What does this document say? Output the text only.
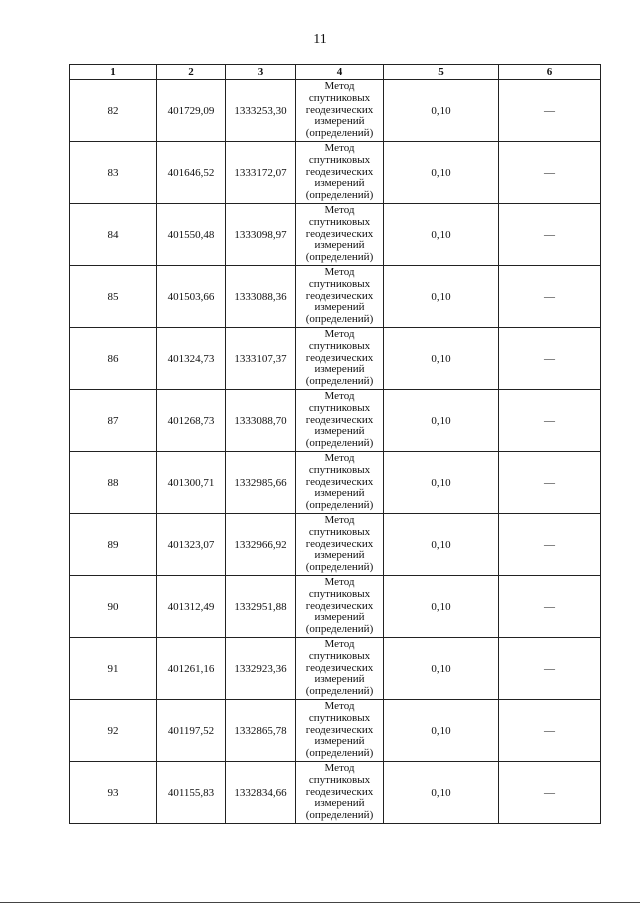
11
1	2	3	4	5	6
82	401729,09	1333253,30	Метод
спутниковых
геодезических
измерений
(определений)	0,10	—
83	401646,52	1333172,07	Метод
спутниковых
геодезических
измерений
(определений)	0,10	—
84	401550,48	1333098,97	Метод
спутниковых
геодезических
измерений
(определений)	0,10	—
85	401503,66	1333088,36	Метод
спутниковых
геодезических
измерений
(определений)	0,10	—
86	401324,73	1333107,37	Метод
спутниковых
геодезических
измерений
(определений)	0,10	—
87	401268,73	1333088,70	Метод
спутниковых
геодезических
измерений
(определений)	0,10	—
88	401300,71	1332985,66	Метод
спутниковых
геодезических
измерений
(определений)	0,10	—
89	401323,07	1332966,92	Метод
спутниковых
геодезических
измерений
(определений)	0,10	—
90	401312,49	1332951,88	Метод
спутниковых
геодезических
измерений
(определений)	0,10	—
91	401261,16	1332923,36	Метод
спутниковых
геодезических
измерений
(определений)	0,10	—
92	401197,52	1332865,78	Метод
спутниковых
геодезических
измерений
(определений)	0,10	—
93	401155,83	1332834,66	Метод
спутниковых
геодезических
измерений
(определений)	0,10	—
